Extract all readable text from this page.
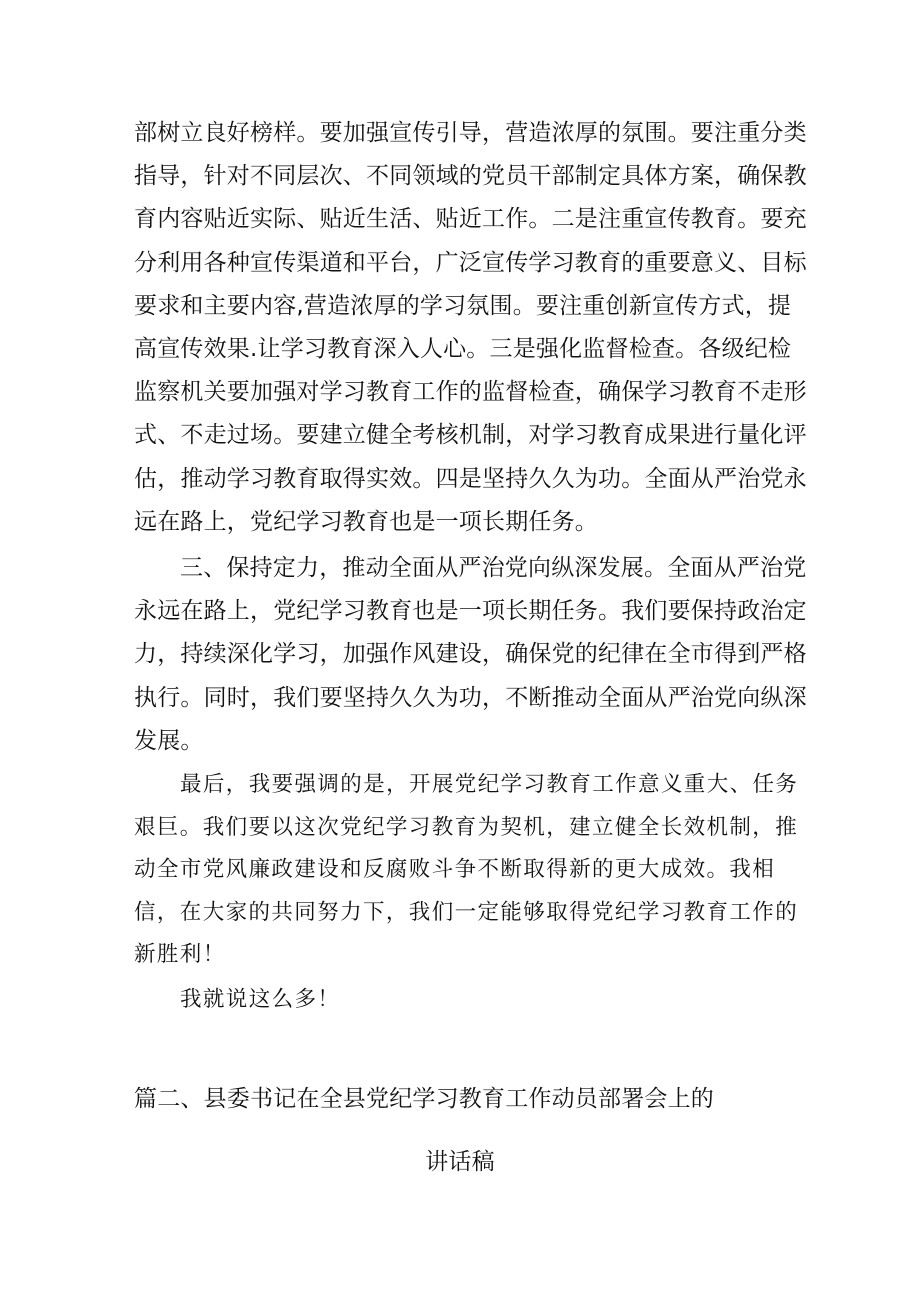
部树立良好榜样。要加强宣传引导，营造浓厚的氛围。要注重分类指导，针对不同层次、不同领域的党员干部制定具体方案，确保教育内容贴近实际、贴近生活、贴近工作。二是注重宣传教育。要充分利用各种宣传渠道和平台，广泛宣传学习教育的重要意义、目标要求和主要内容,营造浓厚的学习氛围。要注重创新宣传方式，提高宣传效果.让学习教育深入人心。三是强化监督检查。各级纪检监察机关要加强对学习教育工作的监督检查，确保学习教育不走形式、不走过场。要建立健全考核机制，对学习教育成果进行量化评估，推动学习教育取得实效。四是坚持久久为功。全面从严治党永远在路上，党纪学习教育也是一项长期任务。

三、保持定力，推动全面从严治党向纵深发展。全面从严治党永远在路上，党纪学习教育也是一项长期任务。我们要保持政治定力，持续深化学习，加强作风建设，确保党的纪律在全市得到严格执行。同时，我们要坚持久久为功，不断推动全面从严治党向纵深发展。

最后，我要强调的是，开展党纪学习教育工作意义重大、任务艰巨。我们要以这次党纪学习教育为契机，建立健全长效机制，推动全市党风廉政建设和反腐败斗争不断取得新的更大成效。我相信，在大家的共同努力下，我们一定能够取得党纪学习教育工作的新胜利！

我就说这么多！

篇二、县委书记在全县党纪学习教育工作动员部署会上的
讲话稿
